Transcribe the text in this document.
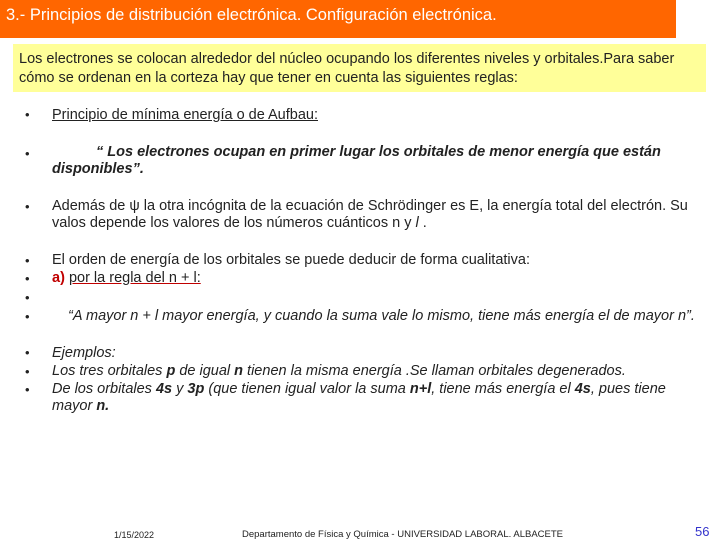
3.- Principios de distribución electrónica. Configuración electrónica.
Los electrones se colocan alrededor del núcleo ocupando los diferentes niveles y orbitales.Para saber cómo se ordenan en la corteza hay que tener en cuenta las siguientes reglas:
•
•
•
•
•
•
•
•
•
•
Principio de mínima energía o de Aufbau:
“ Los electrones ocupan en primer lugar los orbitales de menor energía que están disponibles”.
Además de ψ la otra incógnita de la ecuación de Schrödinger es E, la energía total del electrón. Su valos depende los valores de los números cuánticos n y l .
El orden de energía de los orbitales se puede deducir de forma cualitativa:
a) por la regla del n + l:
“A mayor n + l mayor energía, y cuando la suma vale lo mismo, tiene más energía el de mayor n”.
Ejemplos:
Los tres orbitales p de igual n tienen la misma energía .Se llaman orbitales degenerados.
De los orbitales 4s y 3p (que tienen igual valor la suma n+l, tiene más energía el 4s, pues tiene mayor n.
1/15/2022	Departamento de Física y Química - UNIVERSIDAD LABORAL. ALBACETE	56
